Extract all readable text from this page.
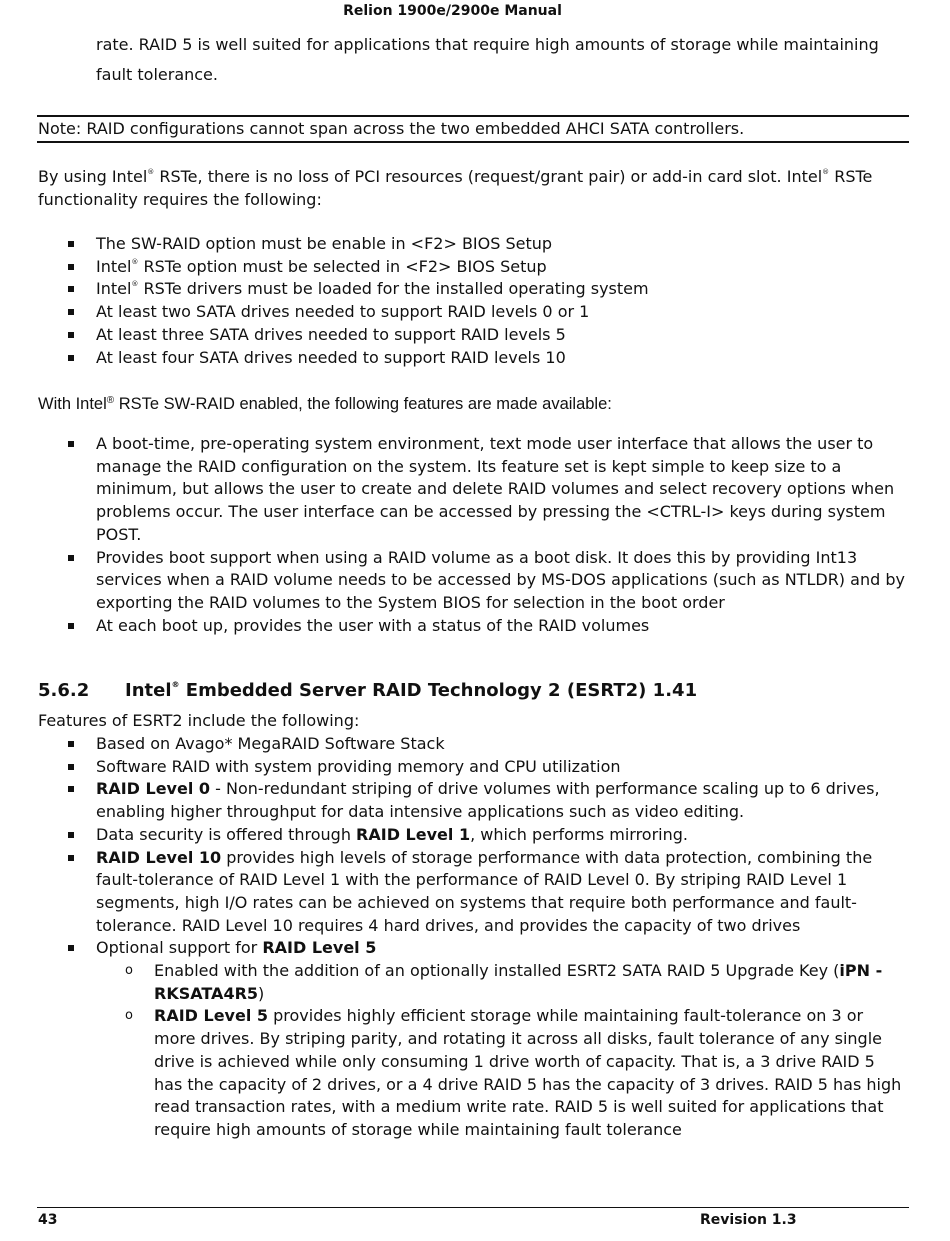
Relion 1900e/2900e Manual
rate. RAID 5 is well suited for applications that require high amounts of storage while maintaining fault tolerance.
Note: RAID configurations cannot span across the two embedded AHCI SATA controllers.
By using Intel® RSTe, there is no loss of PCI resources (request/grant pair) or add-in card slot. Intel® RSTe functionality requires the following:
The SW-RAID option must be enable in <F2> BIOS Setup
Intel® RSTe option must be selected in <F2> BIOS Setup
Intel® RSTe drivers must be loaded for the installed operating system
At least two SATA drives needed to support RAID levels 0 or 1
At least three SATA drives needed to support RAID levels 5
At least four SATA drives needed to support RAID levels 10
With Intel® RSTe SW-RAID enabled, the following features are made available:
A boot-time, pre-operating system environment, text mode user interface that allows the user to manage the RAID configuration on the system. Its feature set is kept simple to keep size to a minimum, but allows the user to create and delete RAID volumes and select recovery options when problems occur. The user interface can be accessed by pressing the <CTRL-I> keys during system POST.
Provides boot support when using a RAID volume as a boot disk. It does this by providing Int13 services when a RAID volume needs to be accessed by MS-DOS applications (such as NTLDR) and by exporting the RAID volumes to the System BIOS for selection in the boot order
At each boot up, provides the user with a status of the RAID volumes
5.6.2 Intel® Embedded Server RAID Technology 2 (ESRT2) 1.41
Features of ESRT2 include the following:
Based on Avago* MegaRAID Software Stack
Software RAID with system providing memory and CPU utilization
RAID Level 0 - Non-redundant striping of drive volumes with performance scaling up to 6 drives, enabling higher throughput for data intensive applications such as video editing.
Data security is offered through RAID Level 1, which performs mirroring.
RAID Level 10 provides high levels of storage performance with data protection, combining the fault-tolerance of RAID Level 1 with the performance of RAID Level 0. By striping RAID Level 1 segments, high I/O rates can be achieved on systems that require both performance and fault-tolerance. RAID Level 10 requires 4 hard drives, and provides the capacity of two drives
Optional support for RAID Level 5
o Enabled with the addition of an optionally installed ESRT2 SATA RAID 5 Upgrade Key (iPN - RKSATA4R5)
o RAID Level 5 provides highly efficient storage while maintaining fault-tolerance on 3 or more drives. By striping parity, and rotating it across all disks, fault tolerance of any single drive is achieved while only consuming 1 drive worth of capacity. That is, a 3 drive RAID 5 has the capacity of 2 drives, or a 4 drive RAID 5 has the capacity of 3 drives. RAID 5 has high read transaction rates, with a medium write rate. RAID 5 is well suited for applications that require high amounts of storage while maintaining fault tolerance
43	Revision 1.3
